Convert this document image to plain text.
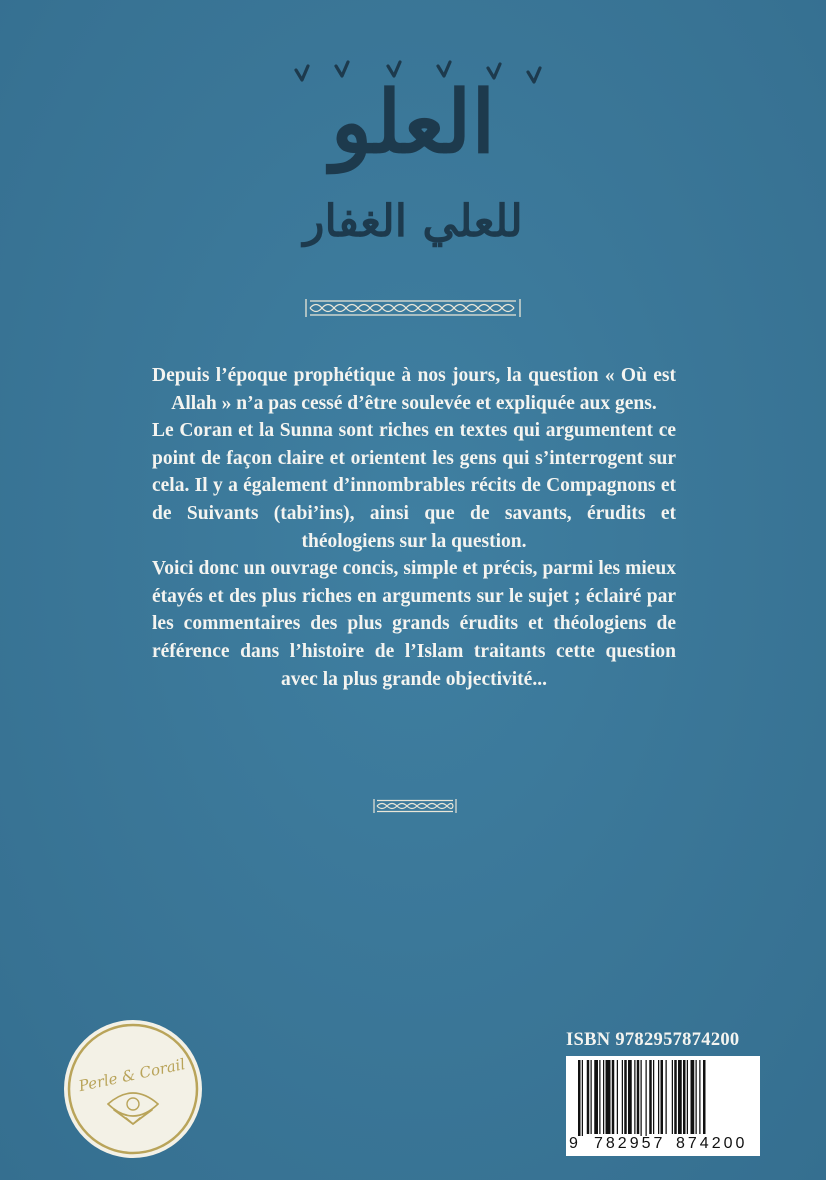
العلو
للعلي الغفار

Depuis l’époque prophétique à nos jours, la question « Où est Allah » n’a pas cessé d’être soulevée et expliquée aux gens.

Le Coran et la Sunna sont riches en textes qui argumentent ce point de façon claire et orientent les gens qui s’interrogent sur cela. Il y a également d’innombrables récits de Compagnons et de Suivants (tabi’ins), ainsi que de savants, érudits et théologiens sur la question.

Voici donc un ouvrage concis, simple et précis, parmi les mieux étayés et des plus riches en arguments sur le sujet ; éclairé par les commentaires des plus grands érudits et théologiens de référence dans l’histoire de l’Islam traitants cette question avec la plus grande objectivité...

Perle & Corail
ISBN 9782957874200
9 782957 874200
